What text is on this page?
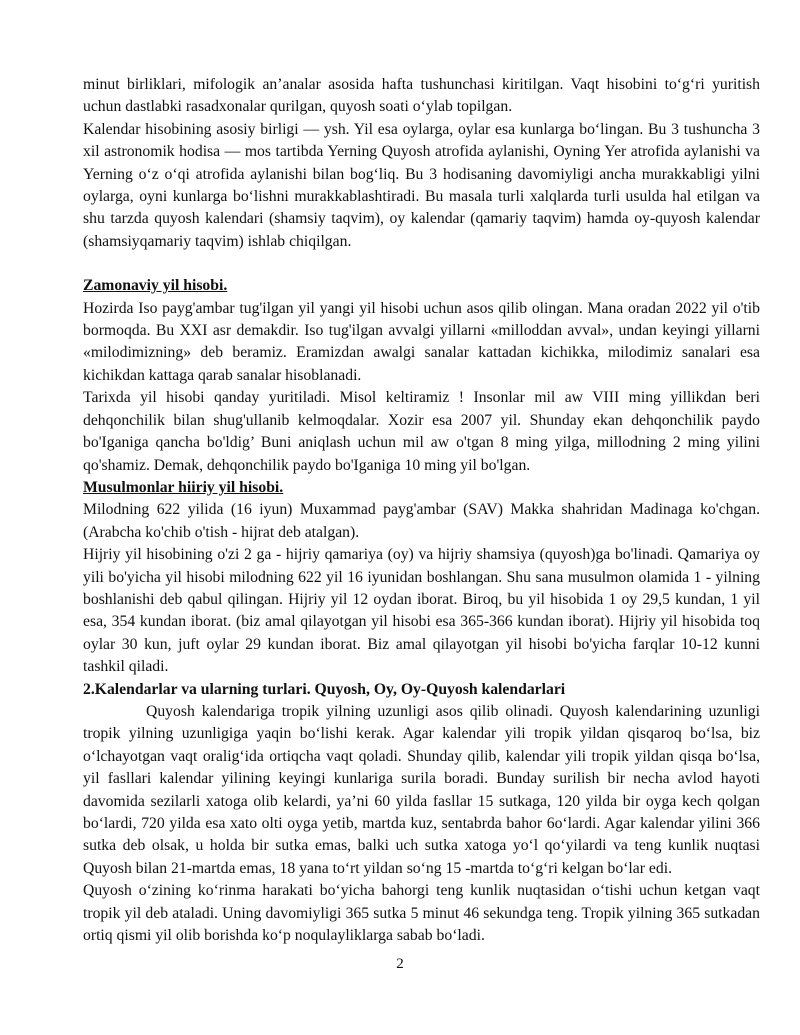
minut birliklari, mifologik an’analar asosida hafta tushunchasi kiritilgan. Vaqt hisobini to‘g‘ri yuritish uchun dastlabki rasadxonalar qurilgan, quyosh soati o‘ylab topilgan.

Kalendar hisobining asosiy birligi — ysh. Yil esa oylarga, oylar esa kunlarga bo‘lingan. Bu 3 tushuncha 3 xil astronomik hodisa — mos tartibda Yerning Quyosh atrofida aylanishi, Oyning Yer atrofida aylanishi va Yerning o‘z o‘qi atrofida aylanishi bilan bog‘liq. Bu 3 hodisaning davomiyligi ancha murakkabligi yilni oylarga, oyni kunlarga bo‘lishni murakkablashtiradi. Bu masala turli xalqlarda turli usulda hal etilgan va shu tarzda quyosh kalendari (shamsiy taqvim), oy kalendar (qamariy taqvim) hamda oy-quyosh kalendar (shamsiyqamariy taqvim) ishlab chiqilgan.

Zamonaviy yil hisobi.

Hozirda Iso payg'ambar tug'ilgan yil yangi yil hisobi uchun asos qilib olingan. Mana oradan 2022 yil o'tib bormoqda. Bu XXI asr demakdir. Iso tug'ilgan avvalgi yillarni «milloddan avval», undan keyingi yillarni «milodimizning» deb beramiz. Eramizdan awalgi sanalar kattadan kichikka, milodimiz sanalari esa kichikdan kattaga qarab sanalar hisoblanadi.

Tarixda yil hisobi qanday yuritiladi. Misol keltiramiz ! Insonlar mil aw VIII ming yillikdan beri dehqonchilik bilan shug'ullanib kelmoqdalar. Xozir esa 2007 yil. Shunday ekan dehqonchilik paydo bo'Iganiga qancha bo'ldig’ Buni aniqlash uchun mil aw o'tgan 8 ming yilga, millodning 2 ming yilini qo'shamiz. Demak, dehqonchilik paydo bo'Iganiga 10 ming yil bo'lgan.

Musulmonlar hiiriy yil hisobi.

Milodning 622 yilida (16 iyun) Muxammad payg'ambar (SAV) Makka shahridan Madinaga ko'chgan. (Arabcha ko'chib o'tish - hijrat deb atalgan).

Hijriy yil hisobining o'zi 2 ga - hijriy qamariya (oy) va hijriy shamsiya (quyosh)ga bo'linadi. Qamariya oy yili bo'yicha yil hisobi milodning 622 yil 16 iyunidan boshlangan. Shu sana musulmon olamida 1 - yilning boshlanishi deb qabul qilingan. Hijriy yil 12 oydan iborat. Biroq, bu yil hisobida 1 oy 29,5 kundan, 1 yil esa, 354 kundan iborat. (biz amal qilayotgan yil hisobi esa 365-366 kundan iborat). Hijriy yil hisobida toq oylar 30 kun, juft oylar 29 kundan iborat. Biz amal qilayotgan yil hisobi bo'yicha farqlar 10-12 kunni tashkil qiladi.

2.Kalendarlar va ularning turlari. Quyosh, Oy, Oy-Quyosh kalendarlari

Quyosh kalendariga tropik yilning uzunligi asos qilib olinadi. Quyosh kalendarining uzunligi tropik yilning uzunligiga yaqin bo‘lishi kerak. Agar kalendar yili tropik yildan qisqaroq bo‘lsa, biz o‘lchayotgan vaqt oralig‘ida ortiqcha vaqt qoladi. Shunday qilib, kalendar yili tropik yildan qisqa bo‘lsa, yil fasllari kalendar yilining keyingi kunlariga surila boradi. Bunday surilish bir necha avlod hayoti davomida sezilarli xatoga olib kelardi, ya’ni 60 yilda fasllar 15 sutkaga, 120 yilda bir oyga kech qolgan bo‘lardi, 720 yilda esa xato olti oyga yetib, martda kuz, sentabrda bahor 6o‘lardi. Agar kalendar yilini 366 sutka deb olsak, u holda bir sutka emas, balki uch sutka xatoga yo‘l qo‘yilardi va teng kunlik nuqtasi Quyosh bilan 21-martda emas, 18 yana to‘rt yildan so‘ng 15 -martda to‘g‘ri kelgan bo‘lar edi.

Quyosh o‘zining ko‘rinma harakati bo‘yicha bahorgi teng kunlik nuqtasidan o‘tishi uchun ketgan vaqt tropik yil deb ataladi. Uning davomiyligi 365 sutka 5 minut 46 sekundga teng. Tropik yilning 365 sutkadan ortiq qismi yil olib borishda ko‘p noqulayliklarga sabab bo‘ladi.

2
